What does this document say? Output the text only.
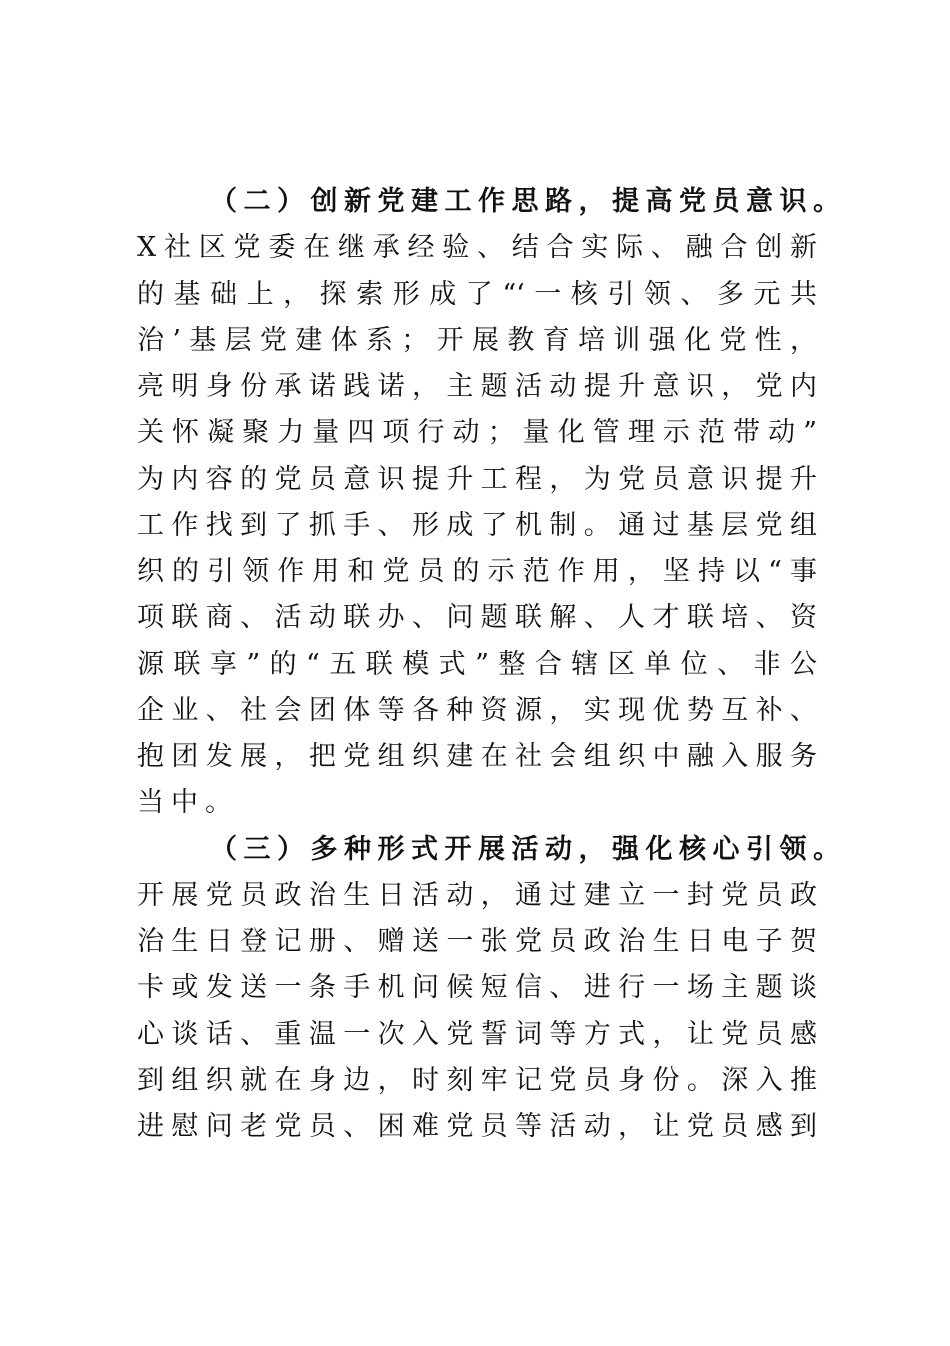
（二）创新党建工作思路，提高党员意识。
X社区党委在继承经验、结合实际、融合创新
的基础上，探索形成了“‘一核引领、多元共
治’基层党建体系；开展教育培训强化党性，
亮明身份承诺践诺，主题活动提升意识，党内
关怀凝聚力量四项行动；量化管理示范带动”
为内容的党员意识提升工程，为党员意识提升
工作找到了抓手、形成了机制。通过基层党组
织的引领作用和党员的示范作用，坚持以“事
项联商、活动联办、问题联解、人才联培、资
源联享”的“五联模式”整合辖区单位、非公
企业、社会团体等各种资源，实现优势互补、
抱团发展，把党组织建在社会组织中融入服务
当中。
（三）多种形式开展活动，强化核心引领。
开展党员政治生日活动，通过建立一封党员政
治生日登记册、赠送一张党员政治生日电子贺
卡或发送一条手机问候短信、进行一场主题谈
心谈话、重温一次入党誓词等方式，让党员感
到组织就在身边，时刻牢记党员身份。深入推
进慰问老党员、困难党员等活动，让党员感到
